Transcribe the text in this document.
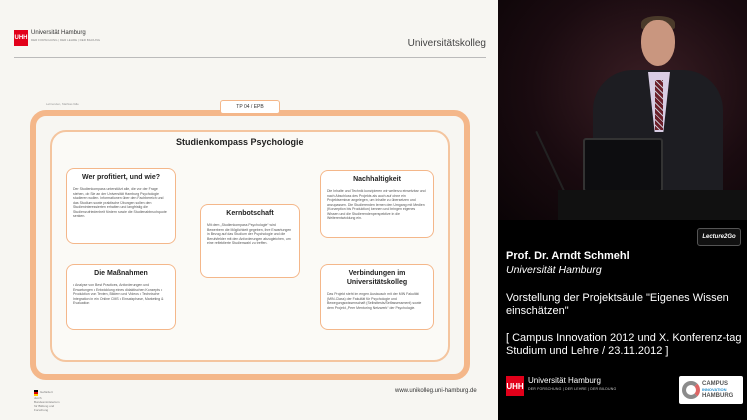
UHH
Universität Hamburg
DER FORSCHUNG | DER LEHRE | DER BILDUNG	Universitätskolleg
Lehrenden, Mathias fälle	TP 04 / EPB
Studienkompass Psychologie
Wer profitiert, und wie?
Der Studienkompass unterstützt alle, die vor der Frage stehen, ob Sie an der Universität Hamburg Psychologie studieren wollen. Informationen über den Fachbereich und das Studium sowie praktische Übungen sollen den Studieninteressierten erhalten und langfristig die Studienzufriedenheit fördern sowie die Studienabbruchquote senken.
Die Maßnahmen
• Analyse von Best Practices, Anforderungen und Erwartungen • Entwicklung eines didaktischen Konzepts • Produktion von Texten, Bildern und Videos • Technische Integration in ein Online CMS • Einsatzphase, Marketing & Evaluation
Kernbotschaft
Mit dem „Studienkompass Psychologie“ wird Bewerbern die Möglichkeit gegeben, ihre Erwartungen in Bezug auf das Studium der Psychologie und die Berufsfelder mit den Anforderungen abzugleichen, um eine reflektierte Studienwahl zu treffen.
Nachhaltigkeit
Die Inhalte und Technik konzipieren wir weiterzu einsetzbar und nach Abschluss des Projekts als auch auf ohne ein Projektseminar angelegen, um Inhalte zu übersetzen und anzupassen. Die Studierenden lernen den Umgang mit Medien (Konzeption bis Produktion) kennen und bringen eigenes Wissen und die Studierendenperspektive in die Weiterentwicklung ein.
Verbindungen im Universitätskolleg
Das Projekt steht im engen Austausch mit der MIN Fakultät (MIN-Class) der Fakultät für Psychologie und Bewegungswissenschaft (Selbsttests/Selfassessment) sowie dem Projekt „Peer Mentoring Netzwerk“ der Psychologie.
Gefördert durch Bundesministerium für Bildung und Forschung
www.unikolleg.uni-hamburg.de
Lecture2Go
Prof. Dr. Arndt Schmehl
Universität Hamburg
Vorstellung der Projektsäule "Eigenes Wissen einschätzen"
[ Campus Innovation 2012 und X. Konferenz-tag Studium und Lehre / 23.11.2012 ]
UHH
Universität Hamburg
DER FORSCHUNG | DER LEHRE | DER BILDUNG
CAMPUS
INNOVATION
HAMBURG
